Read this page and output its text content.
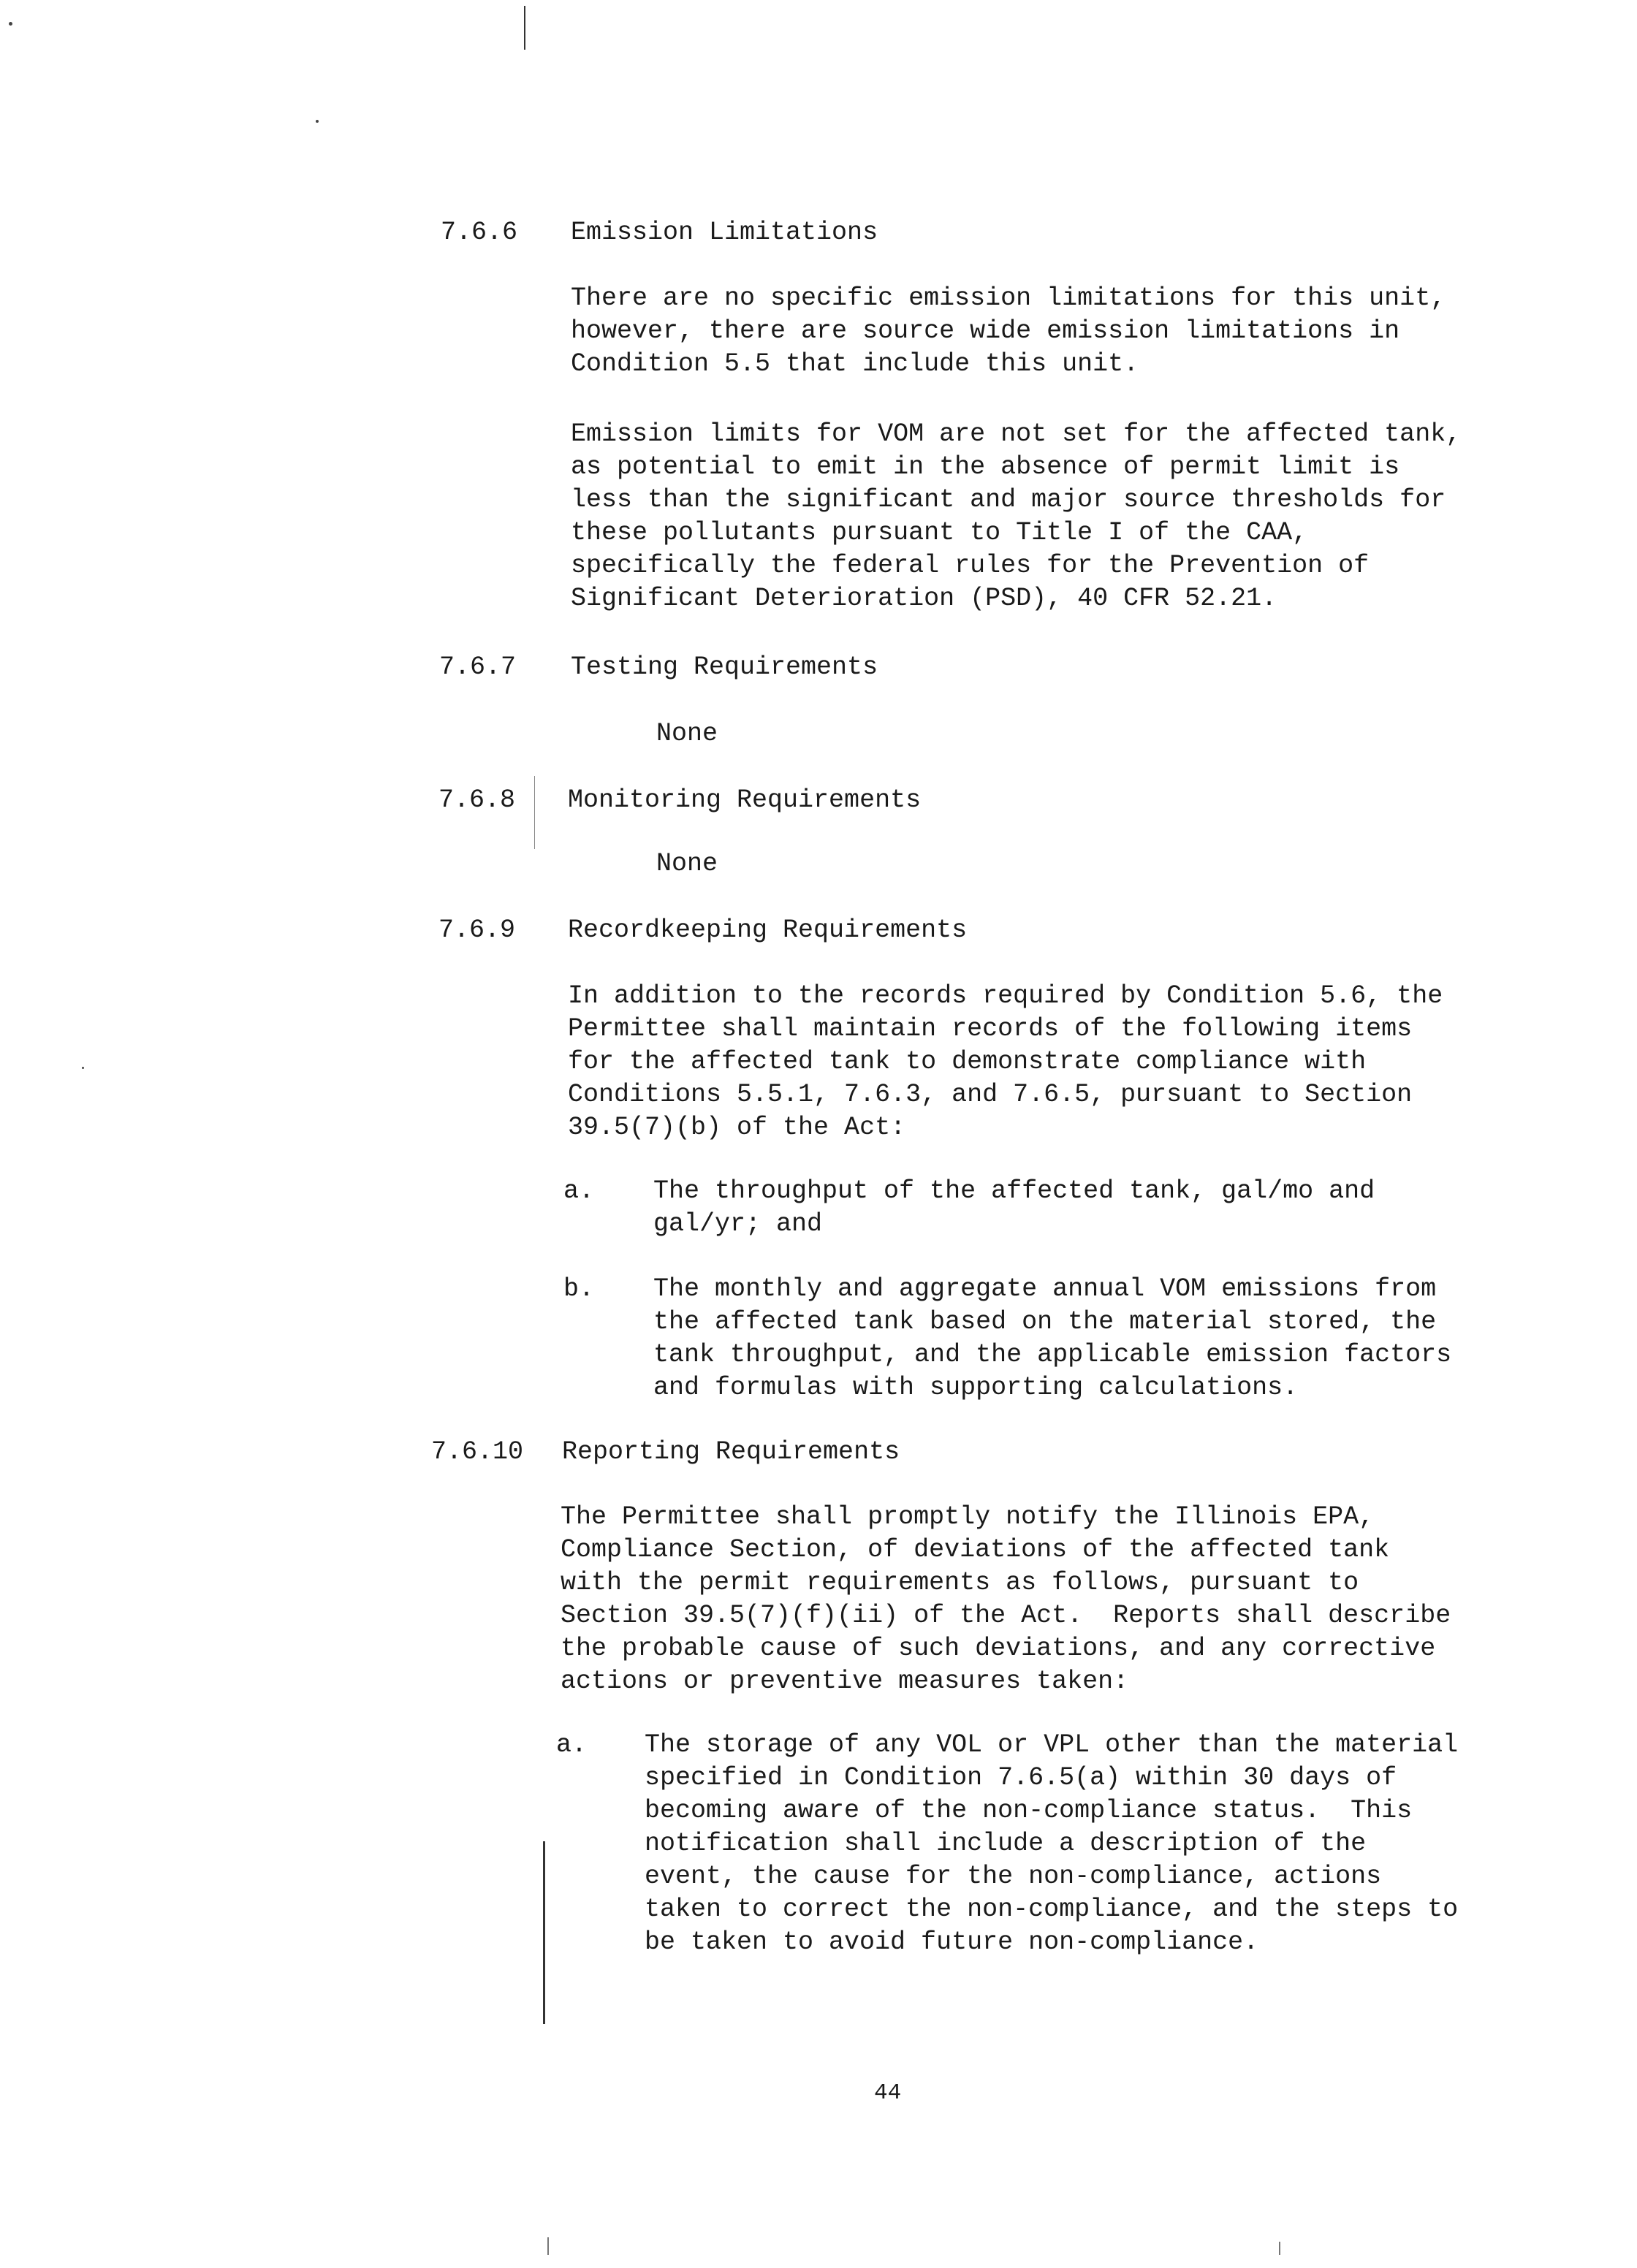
7.6.6 Emission Limitations

There are no specific emission limitations for this unit,
however, there are source wide emission limitations in
Condition 5.5 that include this unit.

Emission limits for VOM are not set for the affected tank,
as potential to emit in the absence of permit limit is
less than the significant and major source thresholds for
these pollutants pursuant to Title I of the CAA,
specifically the federal rules for the Prevention of
Significant Deterioration (PSD), 40 CFR 52.21.

7.6.7 Testing Requirements
None
7.6.8 Monitoring Requirements
None
7.6.9 Recordkeeping Requirements

In addition to the records required by Condition 5.6, the
Permittee shall maintain records of the following items
for the affected tank to demonstrate compliance with
Conditions 5.5.1, 7.6.3, and 7.6.5, pursuant to Section
39.5(7)(b) of the Act:

a. The throughput of the affected tank, gal/mo and
gal/yr; and

b. The monthly and aggregate annual VOM emissions from
the affected tank based on the material stored, the
tank throughput, and the applicable emission factors
and formulas with supporting calculations.

7.6.10 Reporting Requirements

The Permittee shall promptly notify the Illinois EPA,
Compliance Section, of deviations of the affected tank
with the permit requirements as follows, pursuant to
Section 39.5(7)(f)(ii) of the Act.  Reports shall describe
the probable cause of such deviations, and any corrective
actions or preventive measures taken:

a. The storage of any VOL or VPL other than the material
specified in Condition 7.6.5(a) within 30 days of
becoming aware of the non-compliance status.  This
notification shall include a description of the
event, the cause for the non-compliance, actions
taken to correct the non-compliance, and the steps to
be taken to avoid future non-compliance.

44
